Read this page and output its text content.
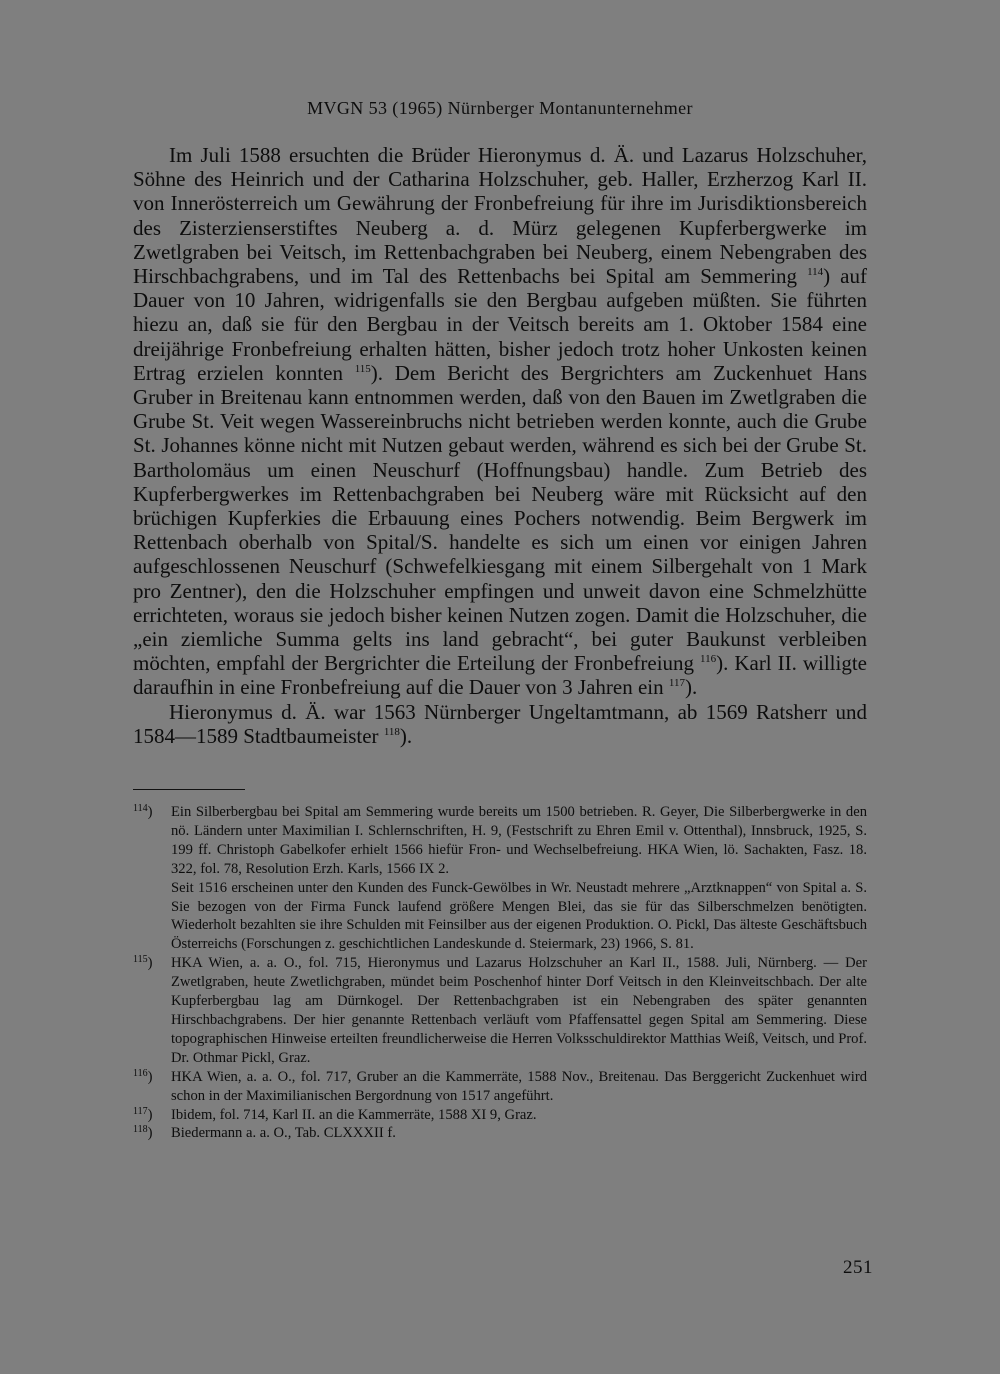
MVGN 53 (1965) Nürnberger Montanunternehmer

Im Juli 1588 ersuchten die Brüder Hieronymus d. Ä. und Lazarus Holzschuher, Söhne des Heinrich und der Catharina Holzschuher, geb. Haller, Erzherzog Karl II. von Innerösterreich um Gewährung der Fronbefreiung für ihre im Jurisdiktionsbereich des Zisterzienserstiftes Neuberg a. d. Mürz gelegenen Kupferbergwerke im Zwetlgraben bei Veitsch, im Rettenbachgraben bei Neuberg, einem Nebengraben des Hirschbachgrabens, und im Tal des Rettenbachs bei Spital am Semmering $^{114}$) auf Dauer von 10 Jahren, widrigenfalls sie den Bergbau aufgeben müßten. Sie führten hiezu an, daß sie für den Bergbau in der Veitsch bereits am 1. Oktober 1584 eine dreijährige Fronbefreiung erhalten hätten, bisher jedoch trotz hoher Unkosten keinen Ertrag erzielen konnten $^{115}$). Dem Bericht des Bergrichters am Zuckenhuet Hans Gruber in Breitenau kann entnommen werden, daß von den Bauen im Zwetlgraben die Grube St. Veit wegen Wassereinbruchs nicht betrieben werden konnte, auch die Grube St. Johannes könne nicht mit Nutzen gebaut werden, während es sich bei der Grube St. Bartholomäus um einen Neuschurf (Hoffnungsbau) handle. Zum Betrieb des Kupferbergwerkes im Rettenbachgraben bei Neuberg wäre mit Rücksicht auf den brüchigen Kupferkies die Erbauung eines Pochers notwendig. Beim Bergwerk im Rettenbach oberhalb von Spital/S. handelte es sich um einen vor einigen Jahren aufgeschlossenen Neuschurf (Schwefelkiesgang mit einem Silbergehalt von 1 Mark pro Zentner), den die Holzschuher empfingen und unweit davon eine Schmelzhütte errichteten, woraus sie jedoch bisher keinen Nutzen zogen. Damit die Holzschuher, die „ein ziemliche Summa gelts ins land gebracht“, bei guter Baukunst verbleiben möchten, empfahl der Bergrichter die Erteilung der Fronbefreiung $^{116}$). Karl II. willigte daraufhin in eine Fronbefreiung auf die Dauer von 3 Jahren ein $^{117}$).

Hieronymus d. Ä. war 1563 Nürnberger Ungeltamtmann, ab 1569 Ratsherr und 1584—1589 Stadtbaumeister $^{118}$).

$^{114}$) Ein Silberbergbau bei Spital am Semmering wurde bereits um 1500 betrieben. R. Geyer, Die Silberbergwerke in den nö. Ländern unter Maximilian I. Schlernschriften, H. 9, (Festschrift zu Ehren Emil v. Ottenthal), Innsbruck, 1925, S. 199 ff. Christoph Gabelkofer erhielt 1566 hiefür Fron- und Wechselbefreiung. HKA Wien, lö. Sachakten, Fasz. 18. 322, fol. 78, Resolution Erzh. Karls, 1566 IX 2.

Seit 1516 erscheinen unter den Kunden des Funck-Gewölbes in Wr. Neustadt mehrere „Arztknappen“ von Spital a. S. Sie bezogen von der Firma Funck laufend größere Mengen Blei, das sie für das Silberschmelzen benötigten. Wiederholt bezahlten sie ihre Schulden mit Feinsilber aus der eigenen Produktion. O. Pickl, Das älteste Geschäftsbuch Österreichs (Forschungen z. geschichtlichen Landeskunde d. Steiermark, 23) 1966, S. 81.

$^{115}$) HKA Wien, a. a. O., fol. 715, Hieronymus und Lazarus Holzschuher an Karl II., 1588. Juli, Nürnberg. — Der Zwetlgraben, heute Zwetlichgraben, mündet beim Poschenhof hinter Dorf Veitsch in den Kleinveitschbach. Der alte Kupferbergbau lag am Dürnkogel. Der Rettenbachgraben ist ein Nebengraben des später genannten Hirschbachgrabens. Der hier genannte Rettenbach verläuft vom Pfaffensattel gegen Spital am Semmering. Diese topographischen Hinweise erteilten freundlicherweise die Herren Volksschuldirektor Matthias Weiß, Veitsch, und Prof. Dr. Othmar Pickl, Graz.

$^{116}$) HKA Wien, a. a. O., fol. 717, Gruber an die Kammerräte, 1588 Nov., Breitenau. Das Berggericht Zuckenhuet wird schon in der Maximilianischen Bergordnung von 1517 angeführt.

$^{117}$) Ibidem, fol. 714, Karl II. an die Kammerräte, 1588 XI 9, Graz.

$^{118}$) Biedermann a. a. O., Tab. CLXXXII f.

251
